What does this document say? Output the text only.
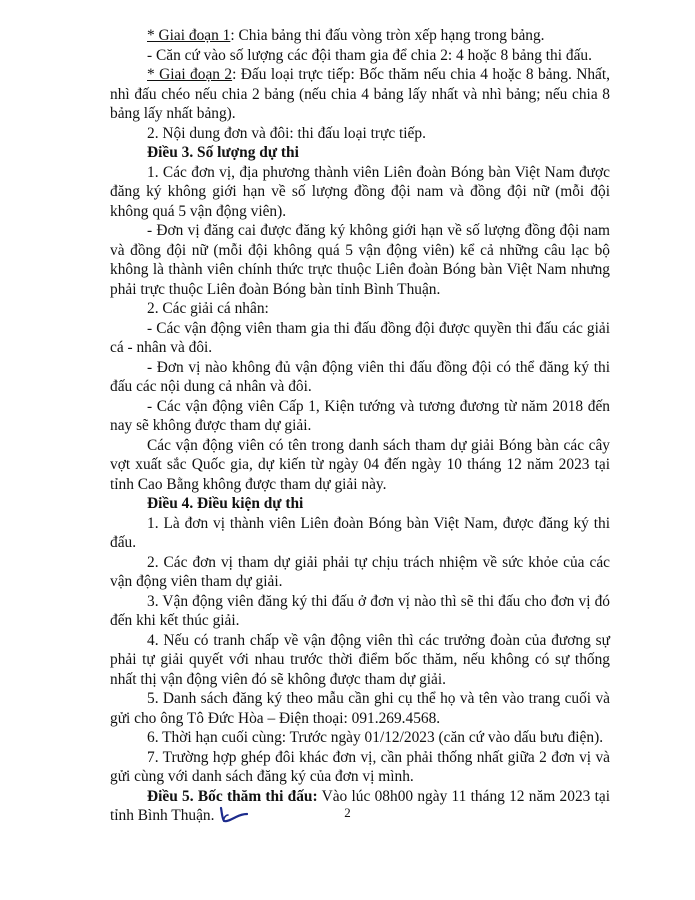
* Giai đoạn 1: Chia bảng thi đấu vòng tròn xếp hạng trong bảng.

- Căn cứ vào số lượng các đội tham gia để chia 2: 4 hoặc 8 bảng thi đấu.

* Giai đoạn 2: Đấu loại trực tiếp: Bốc thăm nếu chia 4 hoặc 8 bảng. Nhất, nhì đấu chéo nếu chia 2 bảng (nếu chia 4 bảng lấy nhất và nhì bảng; nếu chia 8 bảng lấy nhất bảng).

2. Nội dung đơn và đôi: thi đấu loại trực tiếp.

Điều 3. Số lượng dự thi

1. Các đơn vị, địa phương thành viên Liên đoàn Bóng bàn Việt Nam được đăng ký không giới hạn về số lượng đồng đội nam và đồng đội nữ (mỗi đội không quá 5 vận động viên).

- Đơn vị đăng cai được đăng ký không giới hạn về số lượng đồng đội nam và đồng đội nữ (mỗi đội không quá 5 vận động viên) kể cả những câu lạc bộ không là thành viên chính thức trực thuộc Liên đoàn Bóng bàn Việt Nam nhưng phải trực thuộc Liên đoàn Bóng bàn tỉnh Bình Thuận.

2. Các giải cá nhân:

- Các vận động viên tham gia thi đấu đồng đội được quyền thi đấu các giải cá - nhân và đôi.

- Đơn vị nào không đủ vận động viên thi đấu đồng đội có thể đăng ký thi đấu các nội dung cả nhân và đôi.

- Các vận động viên Cấp 1, Kiện tướng và tương đương từ năm 2018 đến nay sẽ không được tham dự giải.

Các vận động viên có tên trong danh sách tham dự giải Bóng bàn các cây vợt xuất sắc Quốc gia, dự kiến từ ngày 04 đến ngày 10 tháng 12 năm 2023 tại tỉnh Cao Bằng không được tham dự giải này.

Điều 4. Điều kiện dự thi

1. Là đơn vị thành viên Liên đoàn Bóng bàn Việt Nam, được đăng ký thi đấu.

2. Các đơn vị tham dự giải phải tự chịu trách nhiệm về sức khỏe của các vận động viên tham dự giải.

3. Vận động viên đăng ký thi đấu ở đơn vị nào thì sẽ thi đấu cho đơn vị đó đến khi kết thúc giải.

4. Nếu có tranh chấp về vận động viên thì các trưởng đoàn của đương sự phải tự giải quyết với nhau trước thời điểm bốc thăm, nếu không có sự thống nhất thị vận động viên đó sẽ không được tham dự giải.

5. Danh sách đăng ký theo mẫu cần ghi cụ thể họ và tên vào trang cuối và gửi cho ông Tô Đức Hòa – Điện thoại: 091.269.4568.

6. Thời hạn cuối cùng: Trước ngày 01/12/2023 (căn cứ vào dấu bưu điện).

7. Trường hợp ghép đôi khác đơn vị, cần phải thống nhất giữa 2 đơn vị và gửi cùng với danh sách đăng ký của đơn vị mình.

Điều 5. Bốc thăm thi đấu: Vào lúc 08h00 ngày 11 tháng 12 năm 2023 tại tỉnh Bình Thuận.	2
